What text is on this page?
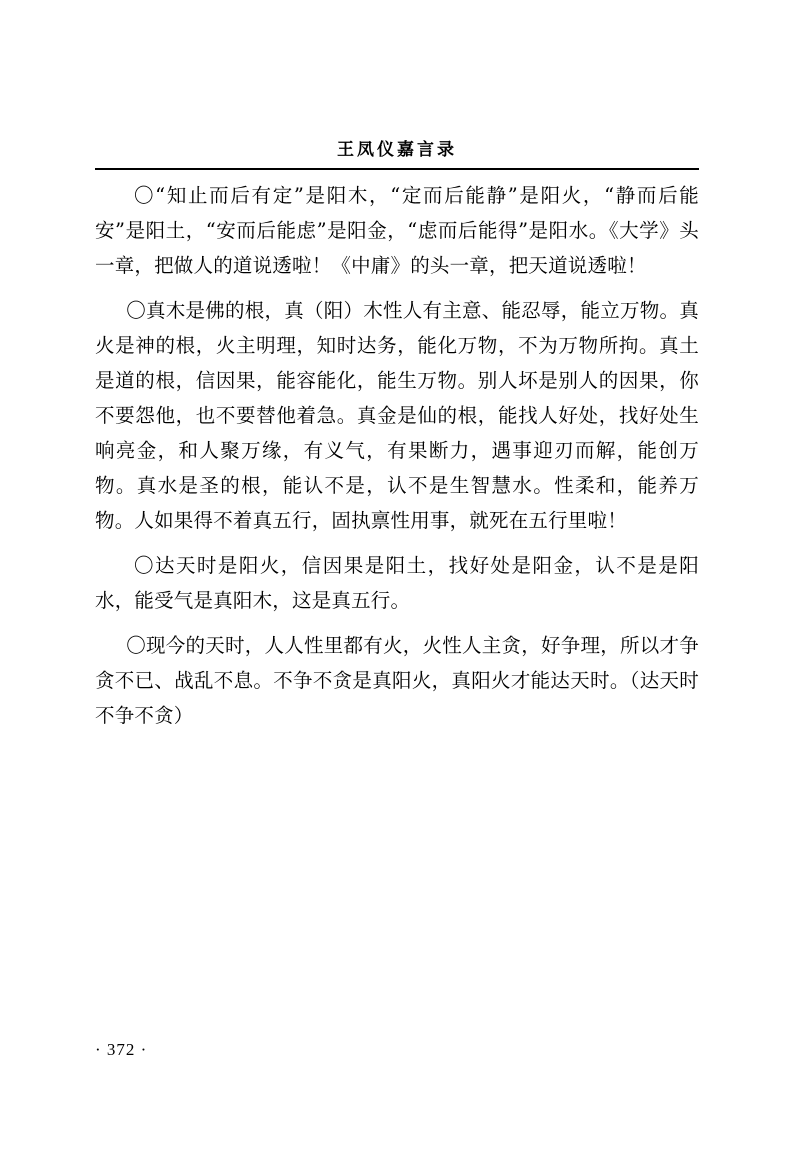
王凤仪嘉言录

〇“知止而后有定”是阳木，“定而后能静”是阳火，“静而后能安”是阳土，“安而后能虑”是阳金，“虑而后能得”是阳水。《大学》头一章，把做人的道说透啦！《中庸》的头一章，把天道说透啦！

〇真木是佛的根，真（阳）木性人有主意、能忍辱，能立万物。真火是神的根，火主明理，知时达务，能化万物，不为万物所拘。真土是道的根，信因果，能容能化，能生万物。别人坏是别人的因果，你不要怨他，也不要替他着急。真金是仙的根，能找人好处，找好处生响亮金，和人聚万缘，有义气，有果断力，遇事迎刃而解，能创万物。真水是圣的根，能认不是，认不是生智慧水。性柔和，能养万物。人如果得不着真五行，固执禀性用事，就死在五行里啦！

〇达天时是阳火，信因果是阳土，找好处是阳金，认不是是阳水，能受气是真阳木，这是真五行。

〇现今的天时，人人性里都有火，火性人主贪，好争理，所以才争贪不已、战乱不息。不争不贪是真阳火，真阳火才能达天时。（达天时不争不贪）

· 372 ·
